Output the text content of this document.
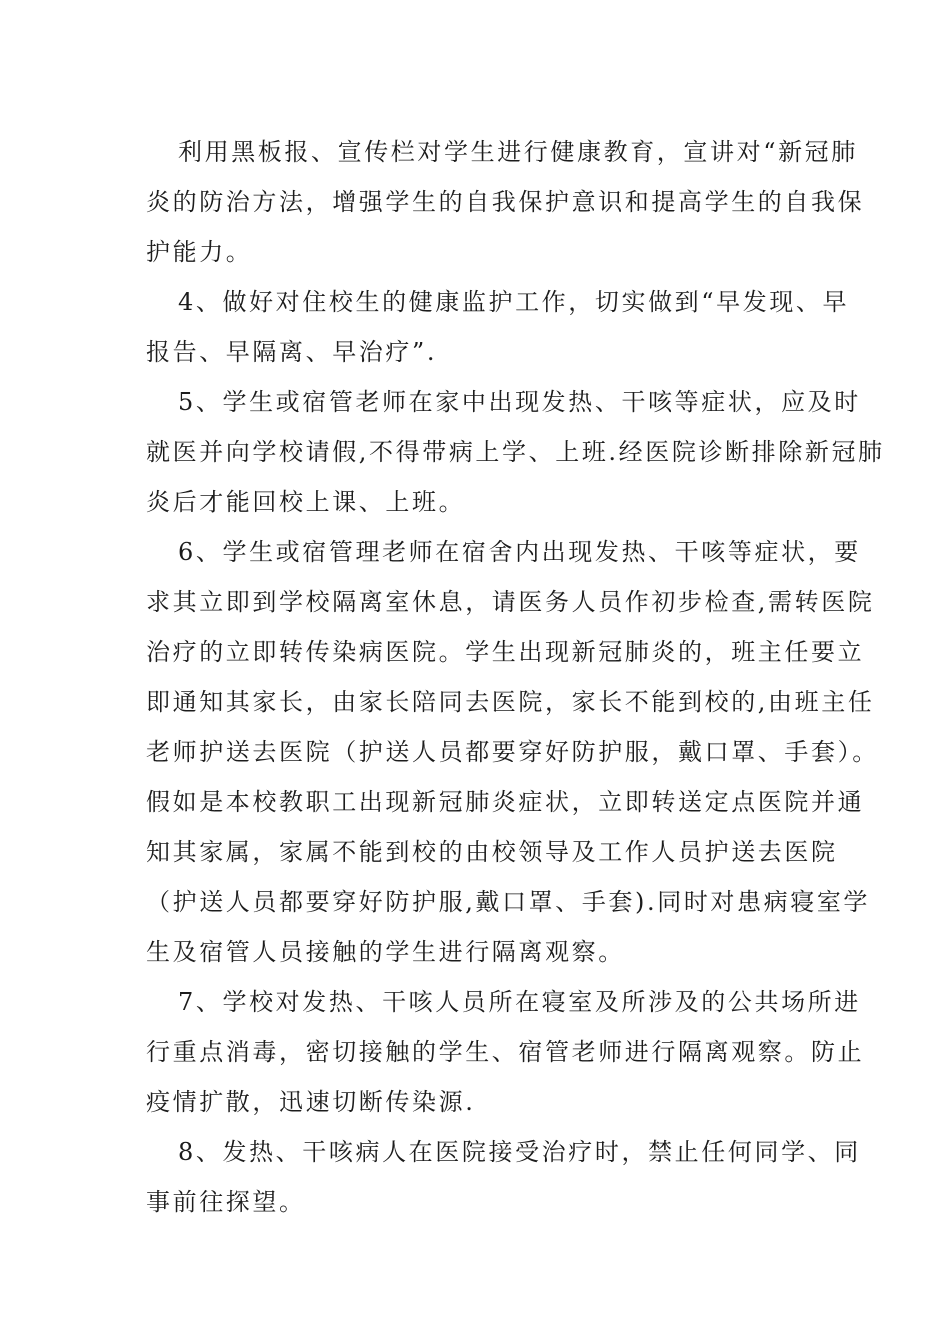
利用黑板报、宣传栏对学生进行健康教育，宣讲对“新冠肺
炎的防治方法，增强学生的自我保护意识和提高学生的自我保
护能力。
4、做好对住校生的健康监护工作，切实做到“早发现、早
报告、早隔离、早治疗”.
5、学生或宿管老师在家中出现发热、干咳等症状，应及时
就医并向学校请假,不得带病上学、上班.经医院诊断排除新冠肺
炎后才能回校上课、上班。
6、学生或宿管理老师在宿舍内出现发热、干咳等症状，要
求其立即到学校隔离室休息，请医务人员作初步检查,需转医院
治疗的立即转传染病医院。学生出现新冠肺炎的，班主任要立
即通知其家长，由家长陪同去医院，家长不能到校的,由班主任
老师护送去医院（护送人员都要穿好防护服，戴口罩、手套）。
假如是本校教职工出现新冠肺炎症状，立即转送定点医院并通
知其家属，家属不能到校的由校领导及工作人员护送去医院
（护送人员都要穿好防护服,戴口罩、手套).同时对患病寝室学
生及宿管人员接触的学生进行隔离观察。
7、学校对发热、干咳人员所在寝室及所涉及的公共场所进
行重点消毒，密切接触的学生、宿管老师进行隔离观察。防止
疫情扩散，迅速切断传染源.
8、发热、干咳病人在医院接受治疗时，禁止任何同学、同
事前往探望。
